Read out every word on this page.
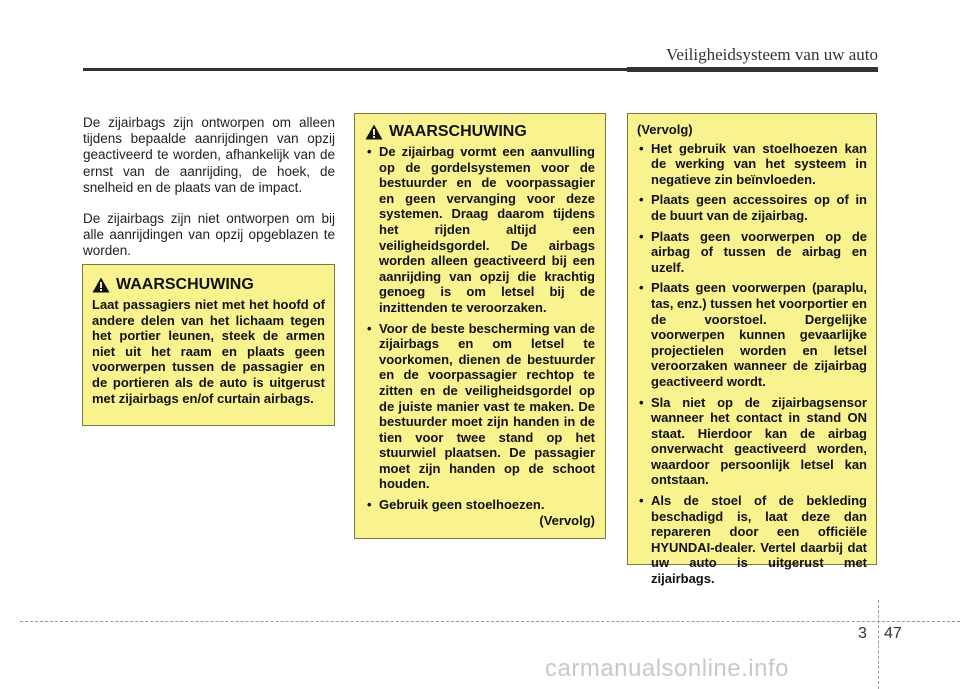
Veiligheidsysteem van uw auto

De zijairbags zijn ontworpen om alleen tijdens bepaalde aanrijdingen van opzij geactiveerd te worden, afhankelijk van de ernst van de aanrijding, de hoek, de snelheid en de plaats van de impact.

De zijairbags zijn niet ontworpen om bij alle aanrijdingen van opzij opgeblazen te worden.

WAARSCHUWING
Laat passagiers niet met het hoofd of andere delen van het lichaam tegen het portier leunen, steek de armen niet uit het raam en plaats geen voorwerpen tussen de passagier en de portieren als de auto is uitgerust met zijairbags en/of curtain airbags.
WAARSCHUWING
• De zijairbag vormt een aanvulling op de gordelsystemen voor de bestuurder en de voorpassagier en geen vervanging voor deze systemen. Draag daarom tijdens het rijden altijd een veiligheidsgordel. De airbags worden alleen geactiveerd bij een aanrijding van opzij die krachtig genoeg is om letsel bij de inzittenden te veroorzaken.
• Voor de beste bescherming van de zijairbags en om letsel te voorkomen, dienen de bestuurder en de voorpassagier rechtop te zitten en de veiligheidsgordel op de juiste manier vast te maken. De bestuurder moet zijn handen in de tien voor twee stand op het stuurwiel plaatsen. De passagier moet zijn handen op de schoot houden.
• Gebruik geen stoelhoezen.
(Vervolg)
(Vervolg)
• Het gebruik van stoelhoezen kan de werking van het systeem in negatieve zin beïnvloeden.
• Plaats geen accessoires op of in de buurt van de zijairbag.
• Plaats geen voorwerpen op de airbag of tussen de airbag en uzelf.
• Plaats geen voorwerpen (paraplu, tas, enz.) tussen het voorportier en de voorstoel. Dergelijke voorwerpen kunnen gevaarlijke projectielen worden en letsel veroorzaken wanneer de zijairbag geactiveerd wordt.
• Sla niet op de zijairbagsensor wanneer het contact in stand ON staat. Hierdoor kan de airbag onverwacht geactiveerd worden, waardoor persoonlijk letsel kan ontstaan.
• Als de stoel of de bekleding beschadigd is, laat deze dan repareren door een officiële HYUNDAI-dealer. Vertel daarbij dat uw auto is uitgerust met zijairbags.
3 47
carmanualsonline.info
